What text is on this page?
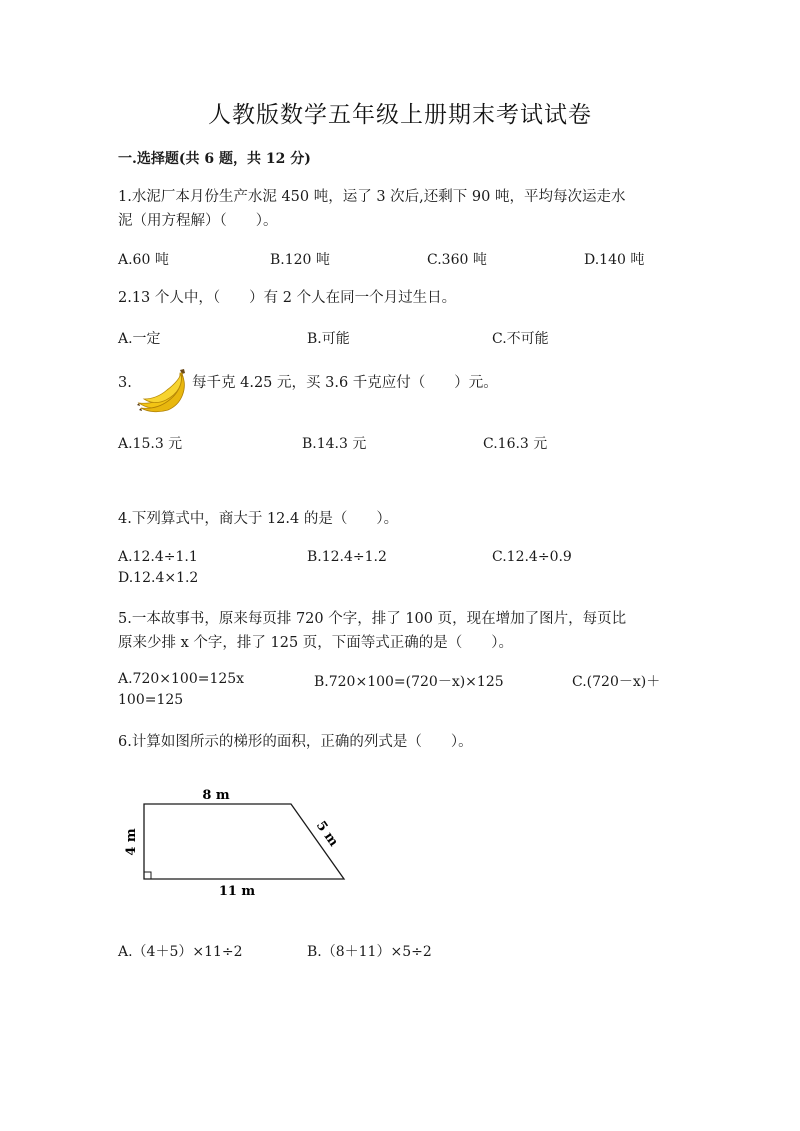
人教版数学五年级上册期末考试试卷
一.选择题(共 6 题，共 12 分)
1.水泥厂本月份生产水泥 450 吨，运了 3 次后,还剩下 90 吨，平均每次运走水
泥（用方程解）（　　）。
A.60 吨	B.120 吨	C.360 吨	D.140 吨
2.13 个人中，（　　）有 2 个人在同一个月过生日。
A.一定	B.可能	C.不可能
3.	每千克 4.25 元，买 3.6 千克应付（　　）元。
A.15.3 元	B.14.3 元	C.16.3 元
4.下列算式中，商大于 12.4 的是（　　）。
A.12.4÷1.1	B.12.4÷1.2	C.12.4÷0.9
D.12.4×1.2
5.一本故事书，原来每页排 720 个字，排了 100 页，现在增加了图片，每页比
原来少排 x 个字，排了 125 页，下面等式正确的是（　　）。
A.720×100=125x	B.720×100=(720－x)×125	C.(720－x)＋
100=125
6.计算如图所示的梯形的面积，正确的列式是（　　）。
8 m
4 m	5 m
11 m
A.（4＋5）×11÷2	B.（8＋11）×5÷2
